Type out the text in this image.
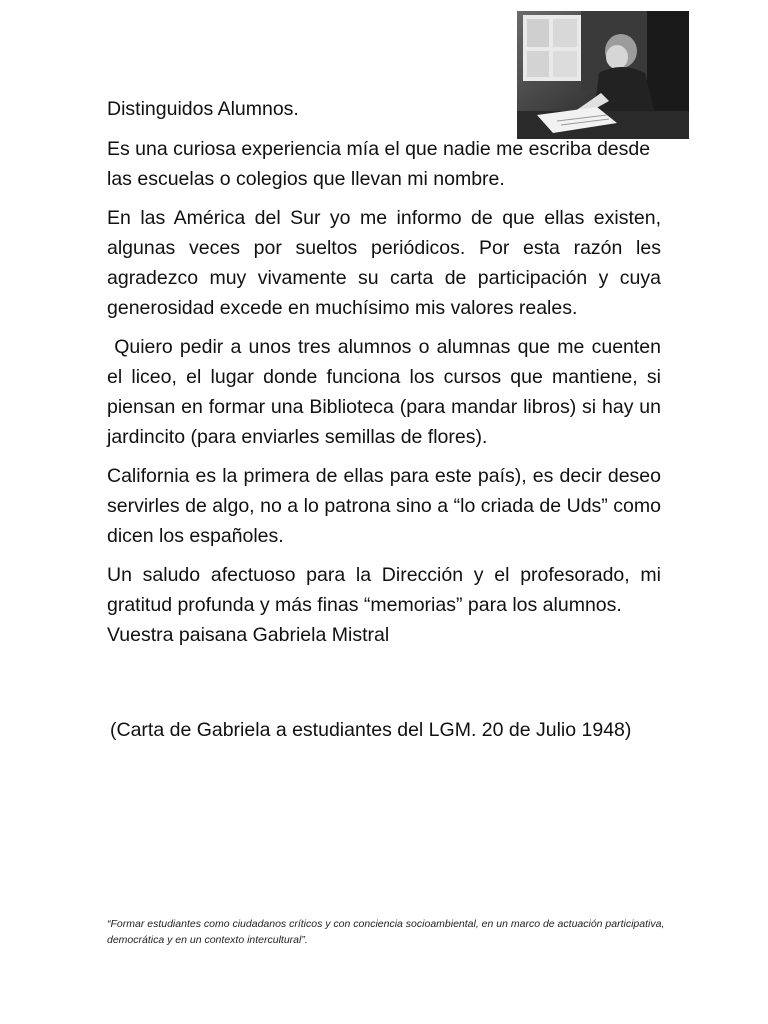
Distinguidos Alumnos.

Es una curiosa experiencia mía el que nadie me escriba desde las escuelas o colegios que llevan mi nombre.

En las América del Sur yo me informo de que ellas existen, algunas veces por sueltos periódicos. Por esta razón les agradezco muy vivamente su carta de participación y cuya generosidad excede en muchísimo mis valores reales.

Quiero pedir a unos tres alumnos o alumnas que me cuenten el liceo, el lugar donde funciona los cursos que mantiene, si piensan en formar una Biblioteca (para mandar libros) si hay un jardincito (para enviarles semillas de flores).

California es la primera de ellas para este país), es decir deseo servirles de algo, no a lo patrona sino a “lo criada de Uds” como dicen los españoles.

Un saludo afectuoso para la Dirección y el profesorado, mi gratitud profunda y más finas “memorias” para los alumnos.

Vuestra paisana Gabriela Mistral

(Carta de Gabriela a estudiantes del LGM. 20 de Julio 1948)
“Formar estudiantes como ciudadanos críticos y con conciencia socioambiental, en un marco de actuación participativa, democrática y en un contexto intercultural”.
